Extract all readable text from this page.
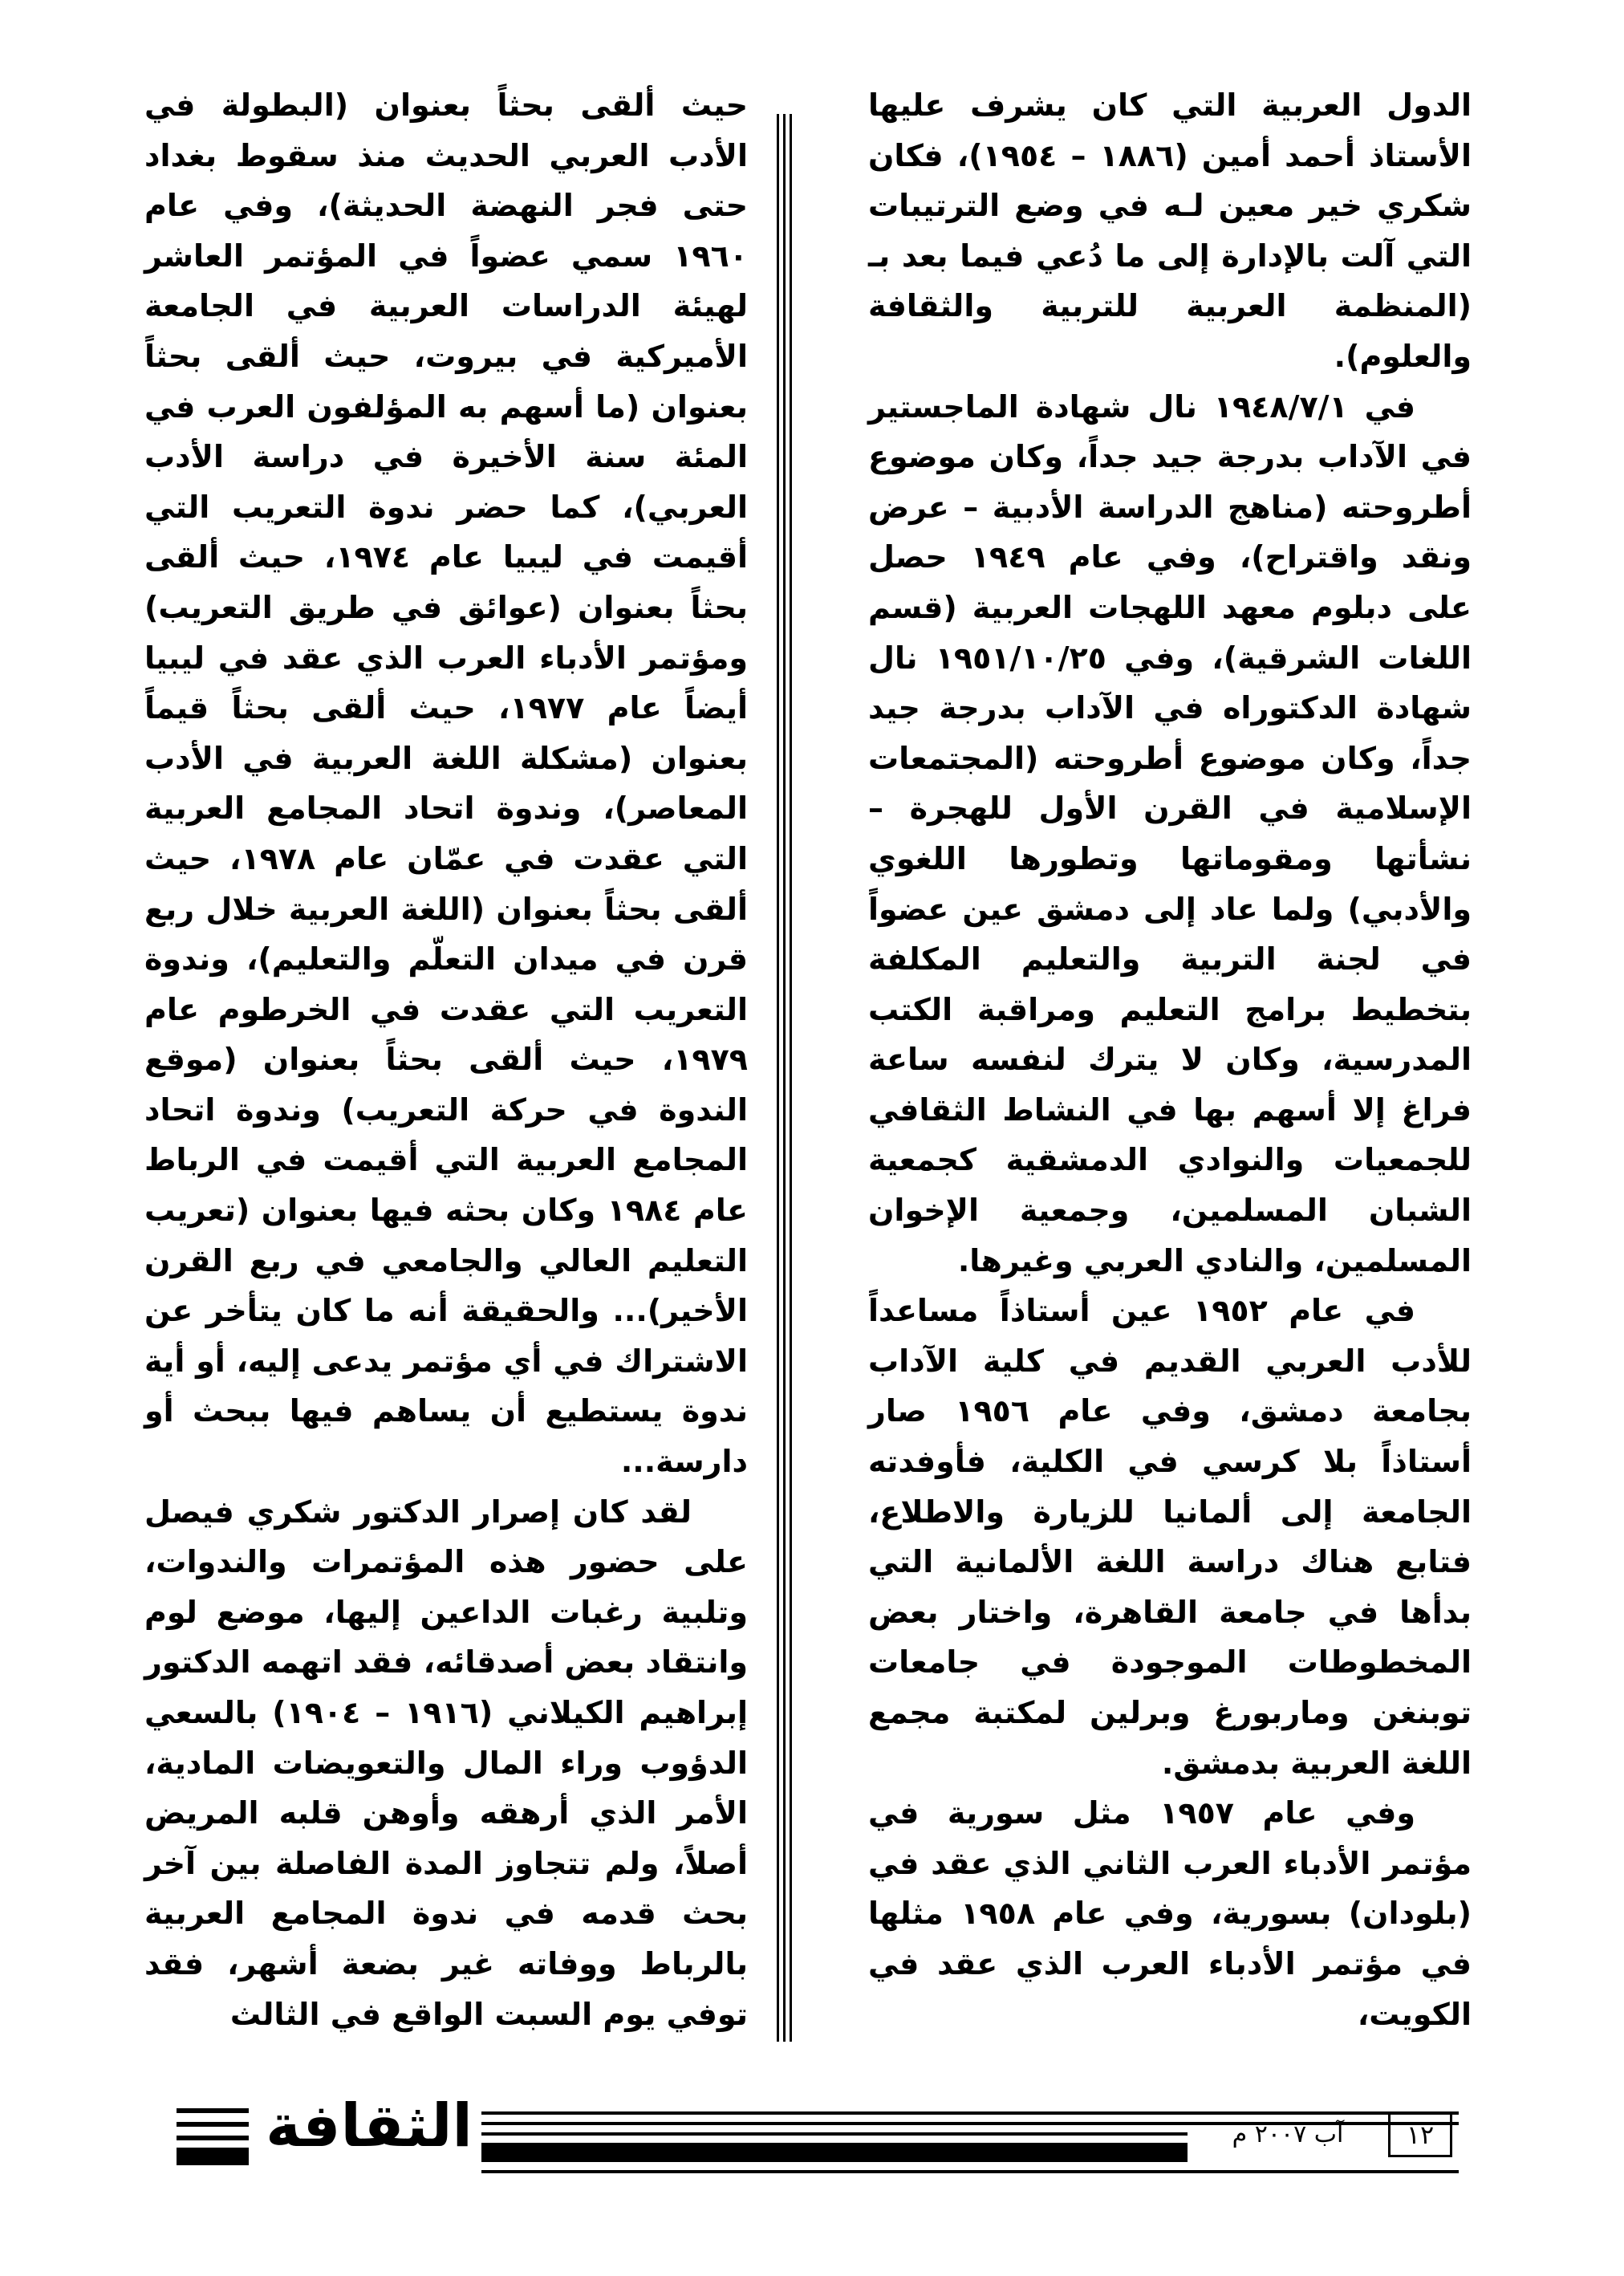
الدول العربية التي كان يشرف عليها الأستاذ أحمد أمين (١٨٨٦ – ١٩٥٤)، فكان شكري خير معين لـه في وضع الترتيبات التي آلت بالإدارة إلى ما دُعي فيما بعد بـ (المنظمة العربية للتربية والثقافة والعلوم).

في ١٩٤٨/٧/١ نال شهادة الماجستير في الآداب بدرجة جيد جداً، وكان موضوع أطروحته (مناهج الدراسة الأدبية – عرض ونقد واقتراح)، وفي عام ١٩٤٩ حصل على دبلوم معهد اللهجات العربية (قسم اللغات الشرقية)، وفي ١٩٥١/١٠/٢٥ نال شهادة الدكتوراه في الآداب بدرجة جيد جداً، وكان موضوع أطروحته (المجتمعات الإسلامية في القرن الأول للهجرة – نشأتها ومقوماتها وتطورها اللغوي والأدبي) ولما عاد إلى دمشق عين عضواً في لجنة التربية والتعليم المكلفة بتخطيط برامج التعليم ومراقبة الكتب المدرسية، وكان لا يترك لنفسه ساعة فراغ إلا أسهم بها في النشاط الثقافي للجمعيات والنوادي الدمشقية كجمعية الشبان المسلمين، وجمعية الإخوان المسلمين، والنادي العربي وغيرها.

في عام ١٩٥٢ عين أستاذاً مساعداً للأدب العربي القديم في كلية الآداب بجامعة دمشق، وفي عام ١٩٥٦ صار أستاذاً بلا كرسي في الكلية، فأوفدته الجامعة إلى ألمانيا للزيارة والاطلاع، فتابع هناك دراسة اللغة الألمانية التي بدأها في جامعة القاهرة، واختار بعض المخطوطات الموجودة في جامعات توبنغن وماربورغ وبرلين لمكتبة مجمع اللغة العربية بدمشق.

وفي عام ١٩٥٧ مثل سورية في مؤتمر الأدباء العرب الثاني الذي عقد في (بلودان) بسورية، وفي عام ١٩٥٨ مثلها في مؤتمر الأدباء العرب الذي عقد في الكويت،

حيث ألقى بحثاً بعنوان (البطولة في الأدب العربي الحديث منذ سقوط بغداد حتى فجر النهضة الحديثة)، وفي عام ١٩٦٠ سمي عضواً في المؤتمر العاشر لهيئة الدراسات العربية في الجامعة الأميركية في بيروت، حيث ألقى بحثاً بعنوان (ما أسهم به المؤلفون العرب في المئة سنة الأخيرة في دراسة الأدب العربي)، كما حضر ندوة التعريب التي أقيمت في ليبيا عام ١٩٧٤، حيث ألقى بحثاً بعنوان (عوائق في طريق التعريب) ومؤتمر الأدباء العرب الذي عقد في ليبيا أيضاً عام ١٩٧٧، حيث ألقى بحثاً قيماً بعنوان (مشكلة اللغة العربية في الأدب المعاصر)، وندوة اتحاد المجامع العربية التي عقدت في عمّان عام ١٩٧٨، حيث ألقى بحثاً بعنوان (اللغة العربية خلال ربع قرن في ميدان التعلّم والتعليم)، وندوة التعريب التي عقدت في الخرطوم عام ١٩٧٩، حيث ألقى بحثاً بعنوان (موقع الندوة في حركة التعريب) وندوة اتحاد المجامع العربية التي أقيمت في الرباط عام ١٩٨٤ وكان بحثه فيها بعنوان (تعريب التعليم العالي والجامعي في ربع القرن الأخير)... والحقيقة أنه ما كان يتأخر عن الاشتراك في أي مؤتمر يدعى إليه، أو أية ندوة يستطيع أن يساهم فيها ببحث أو دارسة...

لقد كان إصرار الدكتور شكري فيصل على حضور هذه المؤتمرات والندوات، وتلبية رغبات الداعين إليها، موضع لوم وانتقاد بعض أصدقائه، فقد اتهمه الدكتور إبراهيم الكيلاني (١٩١٦ – ١٩٠٤) بالسعي الدؤوب وراء المال والتعويضات المادية، الأمر الذي أرهقه وأوهن قلبه المريض أصلاً، ولم تتجاوز المدة الفاصلة بين آخر بحث قدمه في ندوة المجامع العربية بالرباط ووفاته غير بضعة أشهر، فقد توفي يوم السبت الواقع في الثالث

الثقافة	آب ٢٠٠٧ م	١٢
